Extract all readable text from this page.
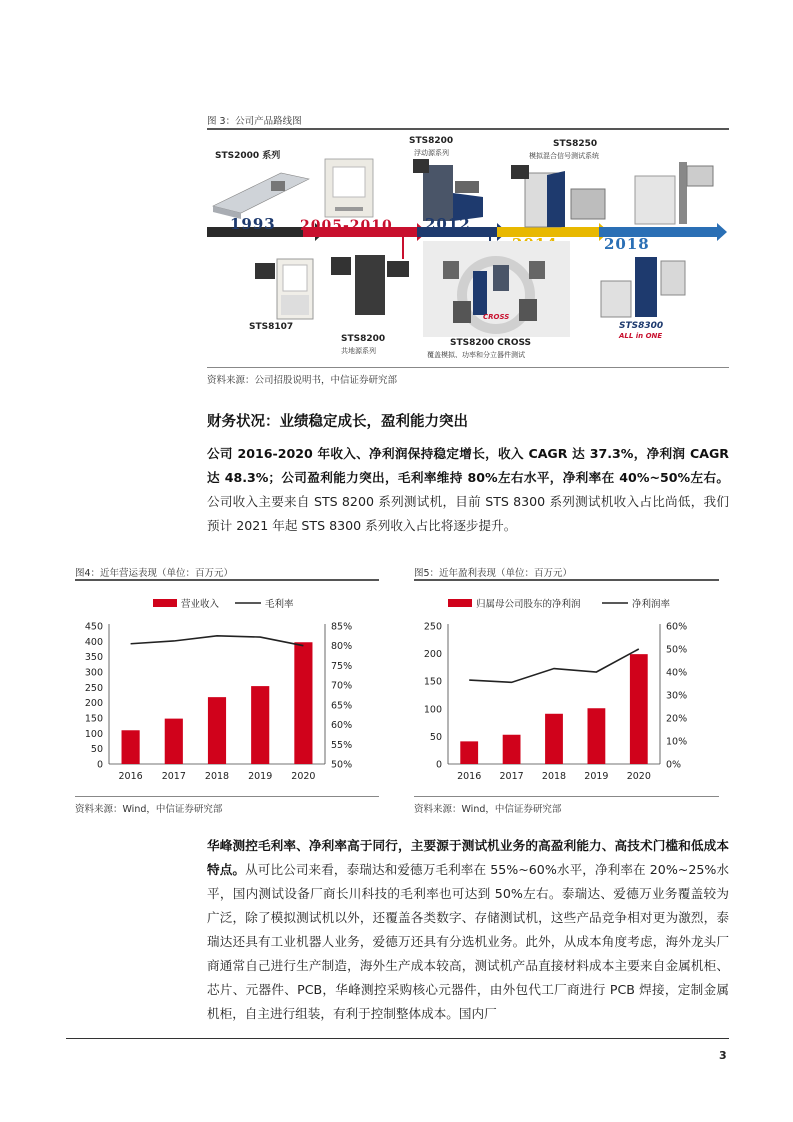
图 3：公司产品路线图
STS2000 系列
STS8200
浮动源系列
STS8250
模拟混合信号测试系统
1993 2005-2010 2012
2018
STS8107
STS8200
共地源系列
CROSS
STS8200 CROSS
覆盖模拟、功率和分立器件测试
STS8300
ALL in ONE
资料来源：公司招股说明书，中信证券研究部
财务状况：业绩稳定成长，盈利能力突出
公司 2016-2020 年收入、净利润保持稳定增长，收入 CAGR 达 37.3%，净利润 CAGR 达 48.3%；公司盈利能力突出，毛利率维持 80%左右水平，净利率在 40%~50%左右。公司收入主要来自 STS 8200 系列测试机，目前 STS 8300 系列测试机收入占比尚低，我们预计 2021 年起 STS 8300 系列收入占比将逐步提升。
图4：近年营运表现（单位：百万元）
营业收入	毛利率
450
400
350
300
250
200
150
100
50
0
85%
80%
75%
70%
65%
60%
55%
50%
2016 2017 2018 2019 2020
资料来源：Wind，中信证券研究部
图5：近年盈利表现（单位：百万元）
归属母公司股东的净利润	净利润率
250
200
150
100
50
0
60%
50%
40%
30%
20%
10%
0%
2016 2017 2018 2019 2020
资料来源：Wind，中信证券研究部
华峰测控毛利率、净利率高于同行，主要源于测试机业务的高盈利能力、高技术门槛和低成本特点。从可比公司来看，泰瑞达和爱德万毛利率在 55%~60%水平，净利率在 20%~25%水平，国内测试设备厂商长川科技的毛利率也可达到 50%左右。泰瑞达、爱德万业务覆盖较为广泛，除了模拟测试机以外，还覆盖各类数字、存储测试机，这些产品竞争相对更为激烈，泰瑞达还具有工业机器人业务，爱德万还具有分选机业务。此外，从成本角度考虑，海外龙头厂商通常自己进行生产制造，海外生产成本较高，测试机产品直接材料成本主要来自金属机柜、芯片、元器件、PCB，华峰测控采购核心元器件，由外包代工厂商进行 PCB 焊接，定制金属机柜，自主进行组装，有利于控制整体成本。国内厂
3
